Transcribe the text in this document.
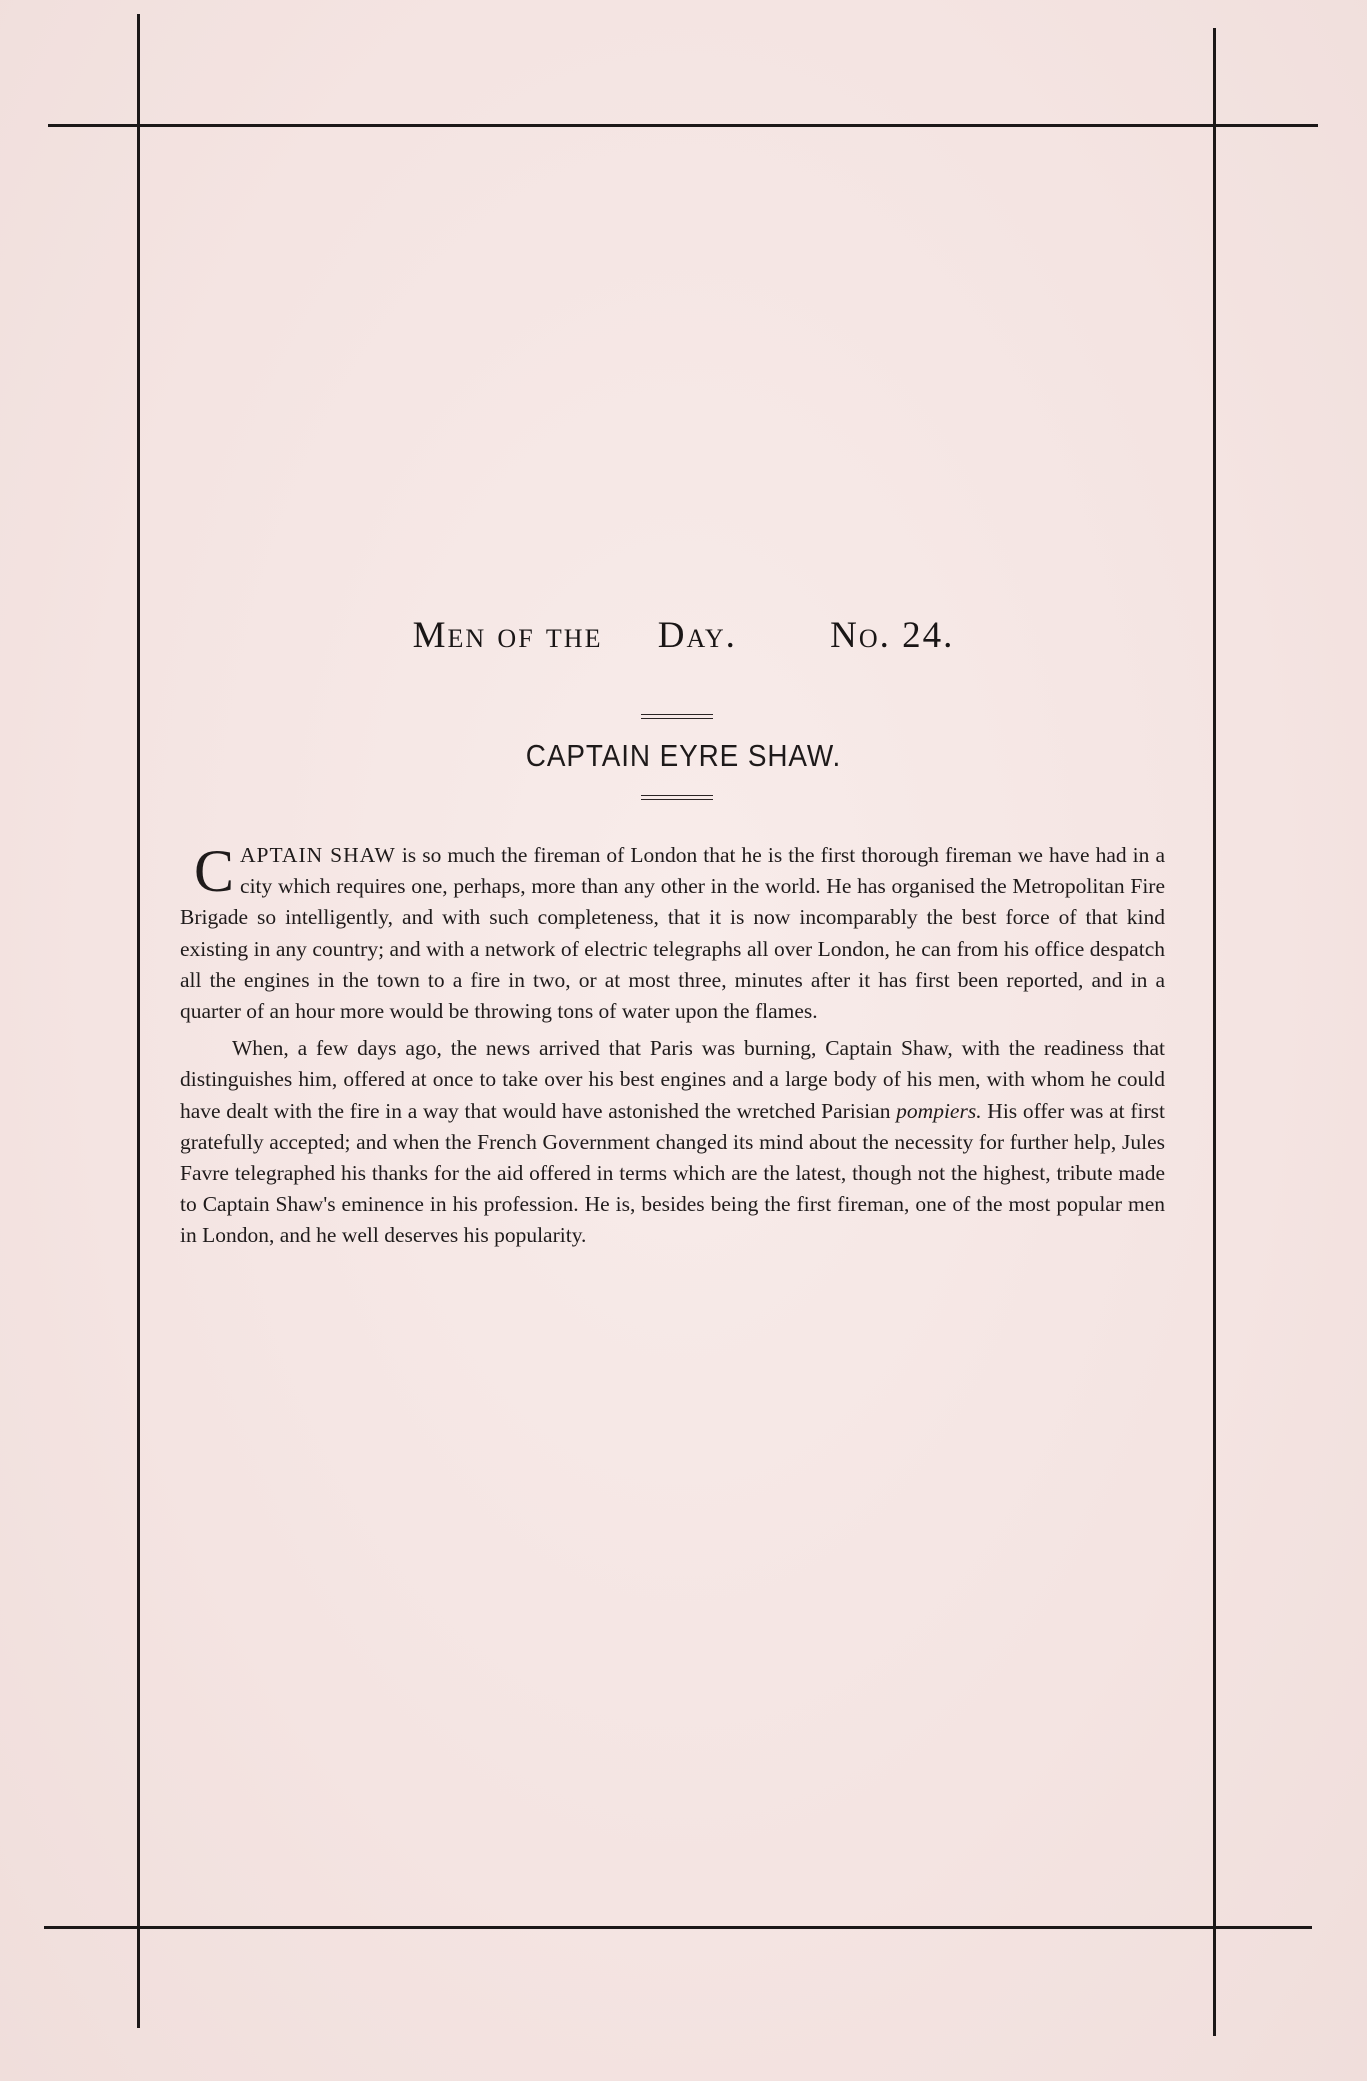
Men of the Day.	No. 24.
CAPTAIN EYRE SHAW.

CAPTAIN SHAW is so much the fireman of London that he is the first thorough fireman we have had in a city which requires one, perhaps, more than any other in the world. He has organised the Metropolitan Fire Brigade so intelligently, and with such completeness, that it is now incomparably the best force of that kind existing in any country; and with a network of electric telegraphs all over London, he can from his office despatch all the engines in the town to a fire in two, or at most three, minutes after it has first been reported, and in a quarter of an hour more would be throwing tons of water upon the flames.

When, a few days ago, the news arrived that Paris was burning, Captain Shaw, with the readiness that distinguishes him, offered at once to take over his best engines and a large body of his men, with whom he could have dealt with the fire in a way that would have astonished the wretched Parisian pompiers. His offer was at first gratefully accepted; and when the French Government changed its mind about the necessity for further help, Jules Favre telegraphed his thanks for the aid offered in terms which are the latest, though not the highest, tribute made to Captain Shaw's eminence in his profession. He is, besides being the first fireman, one of the most popular men in London, and he well deserves his popularity.
